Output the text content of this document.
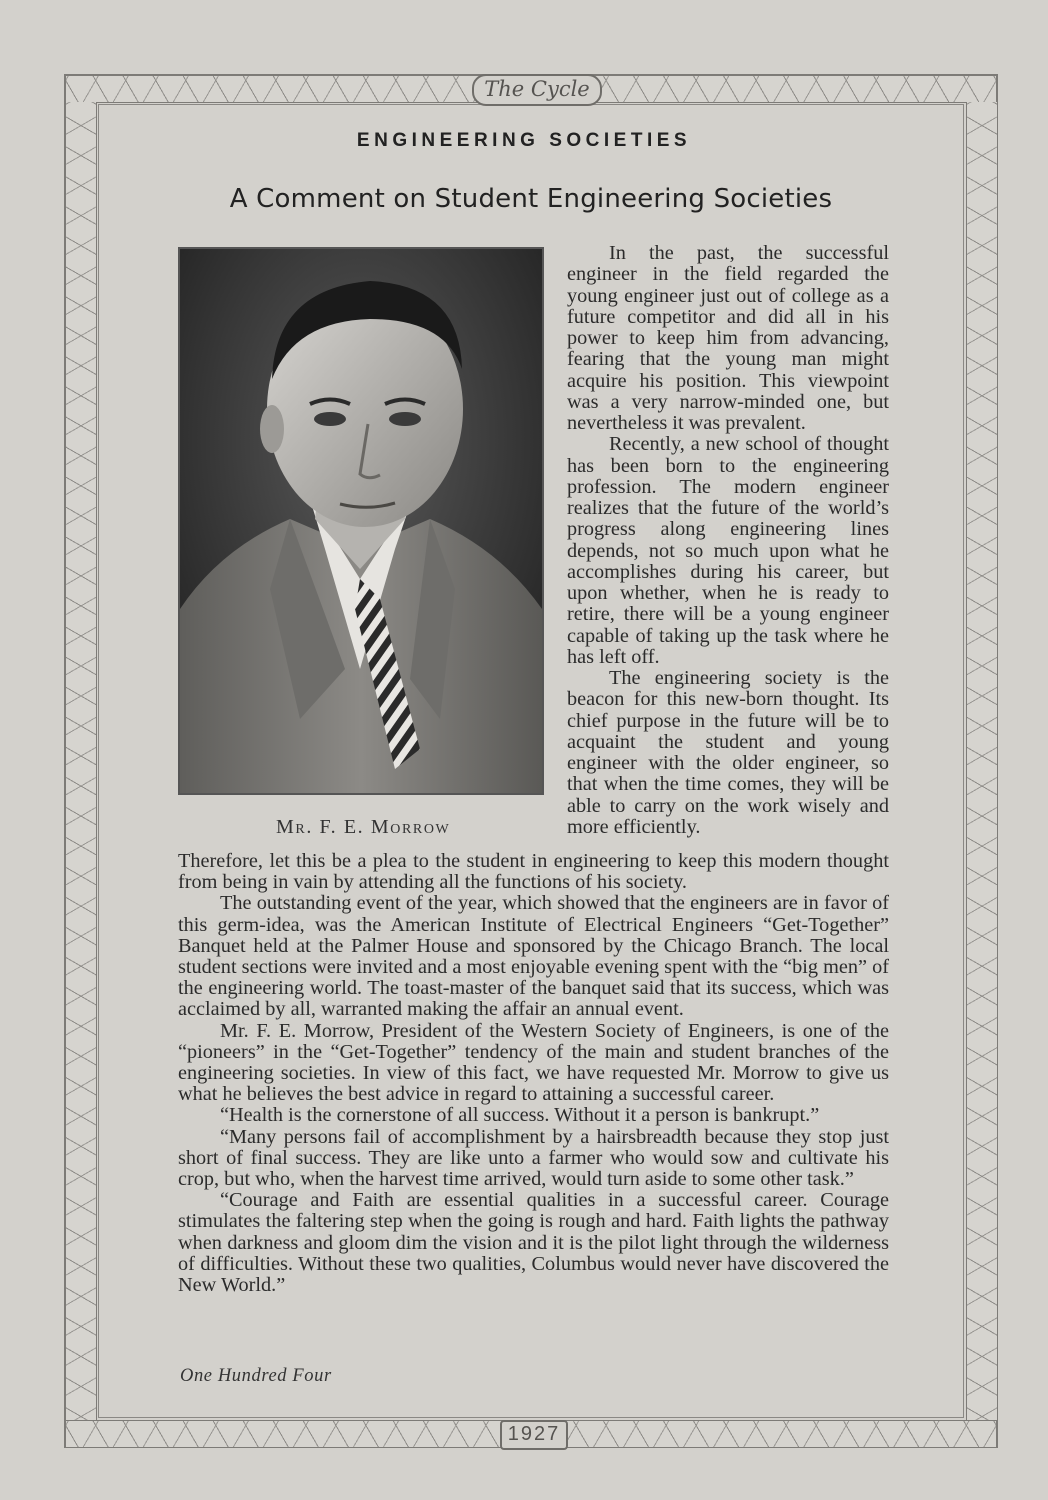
The Cycle
1927
ENGINEERING SOCIETIES
A Comment on Student Engineering Societies
Mr. F. E. Morrow

In the past, the successful engineer in the field regarded the young engineer just out of college as a future competitor and did all in his power to keep him from advancing, fearing that the young man might acquire his position. This viewpoint was a very narrow-minded one, but nevertheless it was prevalent.

Recently, a new school of thought has been born to the engineering profession. The modern engineer realizes that the future of the world’s progress along engineering lines depends, not so much upon what he accomplishes during his career, but upon whether, when he is ready to retire, there will be a young engineer capable of taking up the task where he has left off.

The engineering society is the beacon for this new-born thought. Its chief purpose in the future will be to acquaint the student and young engineer with the older engineer, so that when the time comes, they will be able to carry on the work wisely and more efficiently.

Therefore, let this be a plea to the student in engineering to keep this modern thought from being in vain by attending all the functions of his society.

The outstanding event of the year, which showed that the engineers are in favor of this germ-idea, was the American Institute of Electrical Engineers “Get-Together” Banquet held at the Palmer House and sponsored by the Chicago Branch. The local student sections were invited and a most enjoyable evening spent with the “big men” of the engineering world. The toast-master of the banquet said that its success, which was acclaimed by all, warranted making the affair an annual event.

Mr. F. E. Morrow, President of the Western Society of Engineers, is one of the “pioneers” in the “Get-Together” tendency of the main and student branches of the engineering societies. In view of this fact, we have requested Mr. Morrow to give us what he believes the best advice in regard to attaining a successful career.

“Health is the cornerstone of all success. Without it a person is bankrupt.”

“Many persons fail of accomplishment by a hairsbreadth because they stop just short of final success. They are like unto a farmer who would sow and cultivate his crop, but who, when the harvest time arrived, would turn aside to some other task.”

“Courage and Faith are essential qualities in a successful career. Courage stimulates the faltering step when the going is rough and hard. Faith lights the pathway when darkness and gloom dim the vision and it is the pilot light through the wilderness of difficulties. Without these two qualities, Columbus would never have discovered the New World.”

One Hundred Four
